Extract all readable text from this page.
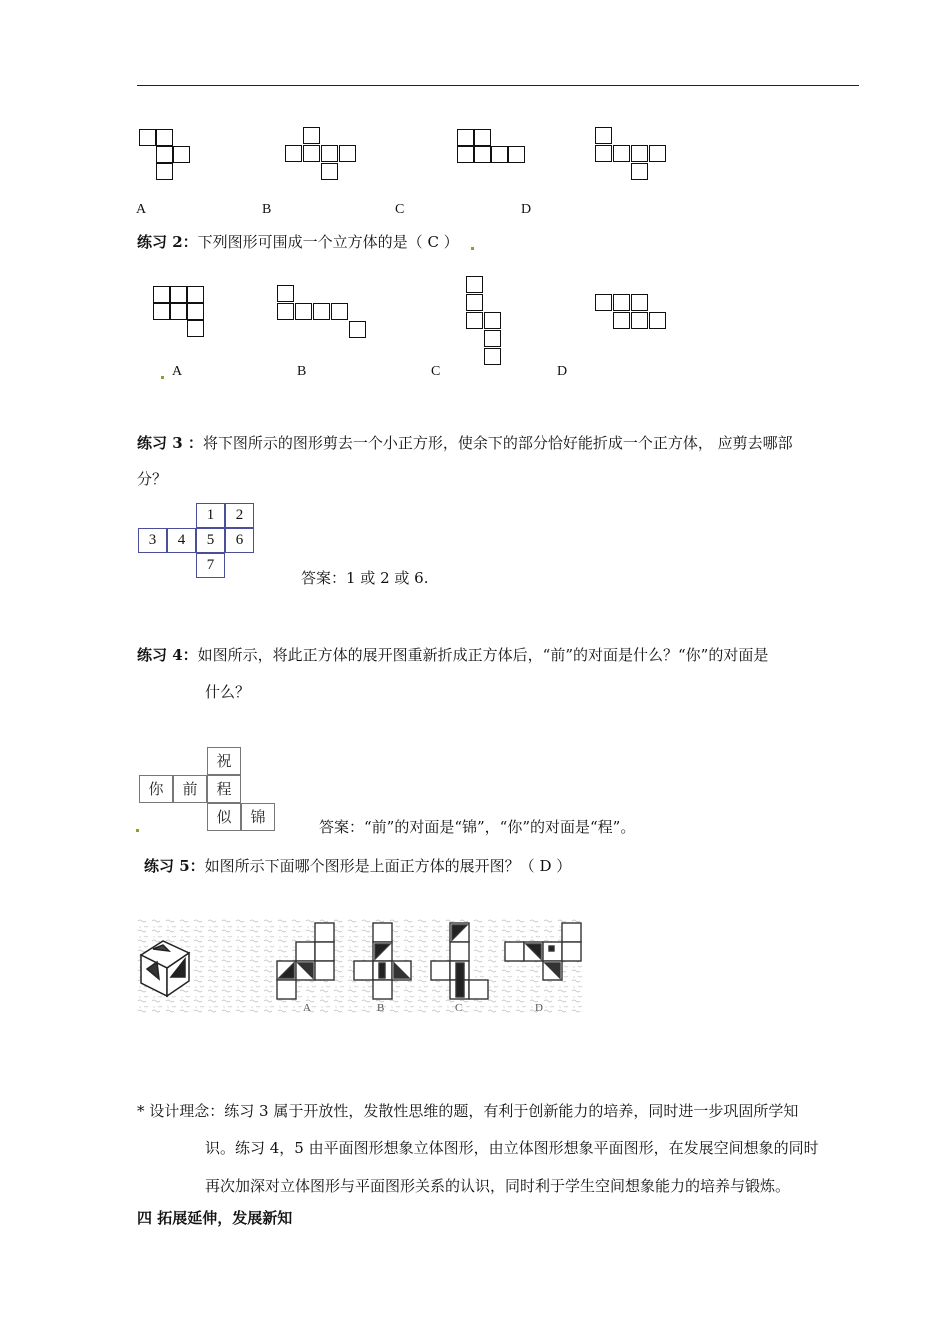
A	B	C	D
练习 2：下列图形可围成一个立方体的是（ C ）
A	B	C	D
练习 3 ：将下图所示的图形剪去一个小正方形，使余下的部分恰好能折成一个正方体， 应剪去哪部
分？
1	2
3	4	5	6
7
答案：1 或 2 或 6.
练习 4：如图所示，将此正方体的展开图重新折成正方体后，“前”的对面是什么？“你”的对面是
什么？
祝
你	前	程
似	锦
答案：“前”的对面是“锦”，“你”的对面是“程”。
练习 5：如图所示下面哪个图形是上面正方体的展开图？（ D ）
A	B	C	D
* 设计理念：练习 3 属于开放性，发散性思维的题，有利于创新能力的培养，同时进一步巩固所学知
识。练习 4，5 由平面图形想象立体图形，由立体图形想象平面图形，在发展空间想象的同时
再次加深对立体图形与平面图形关系的认识，同时利于学生空间想象能力的培养与锻炼。
四 拓展延伸，发展新知
